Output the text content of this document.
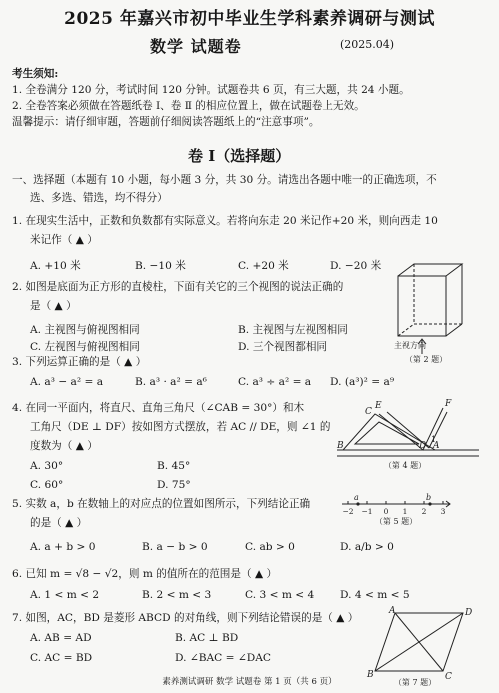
2025 年嘉兴市初中毕业生学科素养调研与测试
数学 试题卷	(2025.04)
考生须知:
1. 全卷满分 120 分，考试时间 120 分钟。试题卷共 6 页，有三大题，共 24 小题。
2. 全卷答案必须做在答题纸卷 Ⅰ、卷 Ⅱ 的相应位置上，做在试题卷上无效。
温馨提示：请仔细审题，答题前仔细阅读答题纸上的“注意事项”。
卷 Ⅰ（选择题）
一、选择题（本题有 10 小题，每小题 3 分，共 30 分。请选出各题中唯一的正确选项，不
选、多选、错选，均不得分）
1. 在现实生活中，正数和负数都有实际意义。若将向东走 20 米记作+20 米，则向西走 10
米记作（ ▲ ）
A. +10 米	B. −10 米	C. +20 米	D. −20 米
2. 如图是底面为正方形的直棱柱，下面有关它的三个视图的说法正确的
是（ ▲ ）
A. 主视图与俯视图相同	B. 主视图与左视图相同
C. 左视图与俯视图相同	D. 三个视图都相同
3. 下列运算正确的是（ ▲ ）
A. a³ − a² = a	B. a³ · a² = a⁶	C. a³ ÷ a² = a D. (a³)² = a⁹
4. 在同一平面内，将直尺、直角三角尺（∠CAB = 30°）和木
工角尺（DE ⊥ DF）按如图方式摆放，若 AC // DE，则 ∠1 的
度数为（ ▲ ）
A. 30°	B. 45°
C. 60°	D. 75°
5. 实数 a，b 在数轴上的对应点的位置如图所示，下列结论正确
的是（ ▲ ）
A. a + b > 0	B. a − b > 0	C. ab > 0	D. a/b > 0
6. 已知 m = √8 − √2，则 m 的值所在的范围是（ ▲ ）
A. 1 < m < 2	B. 2 < m < 3	C. 3 < m < 4 D. 4 < m < 5
7. 如图，AC，BD 是菱形 ABCD 的对角线，则下列结论错误的是（ ▲ ）
A. AB = AD	B. AC ⊥ BD
C. AC = BD	D. ∠BAC = ∠DAC
素养测试调研 数学 试题卷 第 1 页（共 6 页）
主视方向
（第 2 题）
C
E	F
1
B	A
D
（第 4 题）
−2 −1 0 1 2 3
a	b
（第 5 题）
A
B	C
D
（第 7 题）
